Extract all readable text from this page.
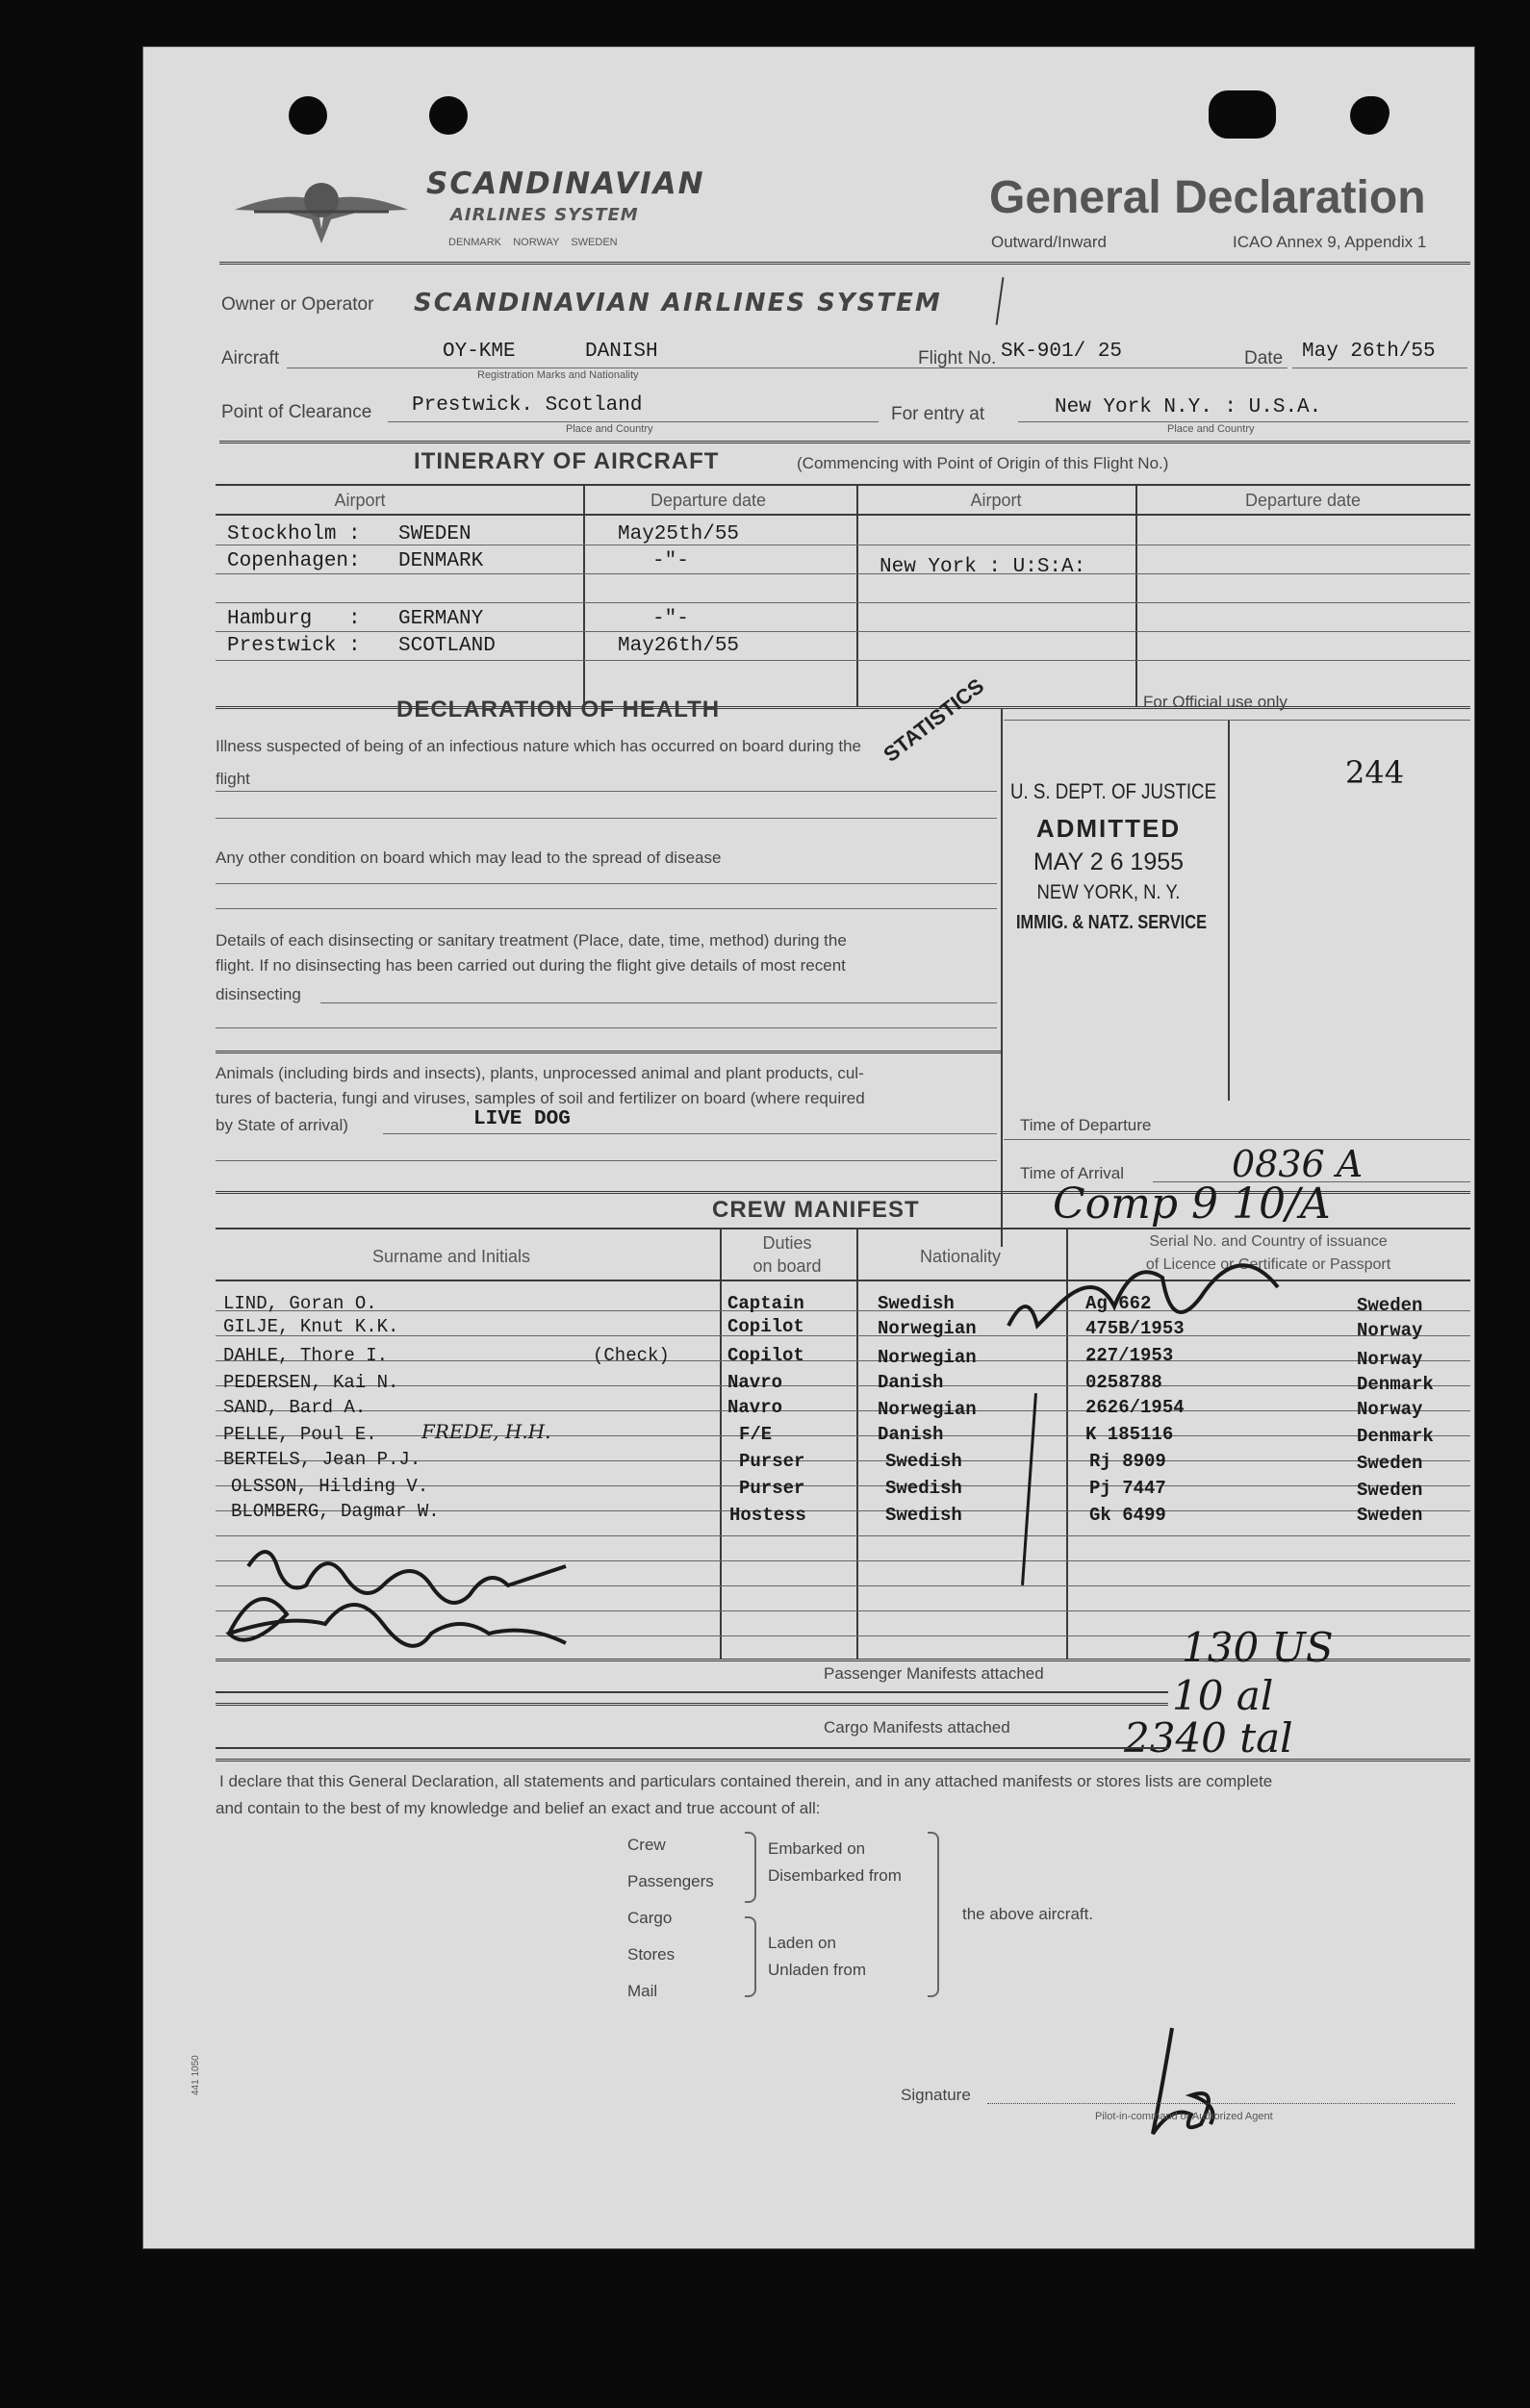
SCANDINAVIAN
AIRLINES SYSTEM
DENMARK    NORWAY    SWEDEN
General Declaration
Outward/Inward	ICAO Annex 9, Appendix 1
Owner or Operator SCANDINAVIAN AIRLINES SYSTEM
Aircraft	OY-KME	DANISH
Registration Marks and Nationality
Flight No. SK-901/ 25	Date May 26th/55
Point of Clearance Prestwick. Scotland
Place and Country
For entry at	New York N.Y. : U.S.A.
Place and Country
ITINERARY OF AIRCRAFT	(Commencing with Point of Origin of this Flight No.)
Airport	Departure date	Airport	Departure date
Stockholm : SWEDEN	May25th/55
Copenhagen: DENMARK	-"-	New York : U:S:A:
Hamburg   : GERMANY	-"-
Prestwick : SCOTLAND	May26th/55
DECLARATION OF HEALTH	STATISTICS	For Official use only
Illness suspected of being of an infectious nature which has occurred on board during the
flight
Any other condition on board which may lead to the spread of disease
Details of each disinsecting or sanitary treatment (Place, date, time, method) during the
flight. If no disinsecting has been carried out during the flight give details of most recent
disinsecting
Animals (including birds and insects), plants, unprocessed animal and plant products, cul-
tures of bacteria, fungi and viruses, samples of soil and fertilizer on board (where required
by State of arrival)	LIVE DOG
U. S. DEPT. OF JUSTICE
ADMITTED
MAY 2 6 1955
NEW YORK, N. Y.
IMMIG. & NATZ. SERVICE
244
Time of Departure
Time of Arrival	0836 A
CREW MANIFEST	Comp 9 10/A
Surname and Initials
Duties
on board	Nationality
Serial No. and Country of issuance
of Licence or Certificate or Passport
LIND, Goran O.	Captain	Swedish	Ag 662	Sweden
GILJE, Knut K.K.	Copilot	Norwegian	475B/1953	Norway
DAHLE, Thore I.	(Check)	Copilot	Norwegian	227/1953	Norway
PEDERSEN, Kai N.	Navro	Danish	0258788	Denmark
SAND, Bard A.	Navro	Norwegian	2626/1954	Norway
PELLE, Poul E. FREDE, H.H.	F/E	Danish	K 185116	Denmark
BERTELS, Jean P.J.	Purser	Swedish	Rj 8909	Sweden
OLSSON, Hilding V.	Purser	Swedish	Pj 7447	Sweden
BLOMBERG, Dagmar W.	Hostess	Swedish	Gk 6499	Sweden
Passenger Manifests attached
130 US
10 al
Cargo Manifests attached	2340 tal
I declare that this General Declaration, all statements and particulars contained therein, and in any attached manifests or stores lists are complete
and contain to the best of my knowledge and belief an exact and true account of all:
Crew
Passengers
Cargo
Stores
Mail
Embarked on
Disembarked from
Laden on
Unladen from
the above aircraft.
Signature
Pilot-in-command or Authorized Agent
441 1050
